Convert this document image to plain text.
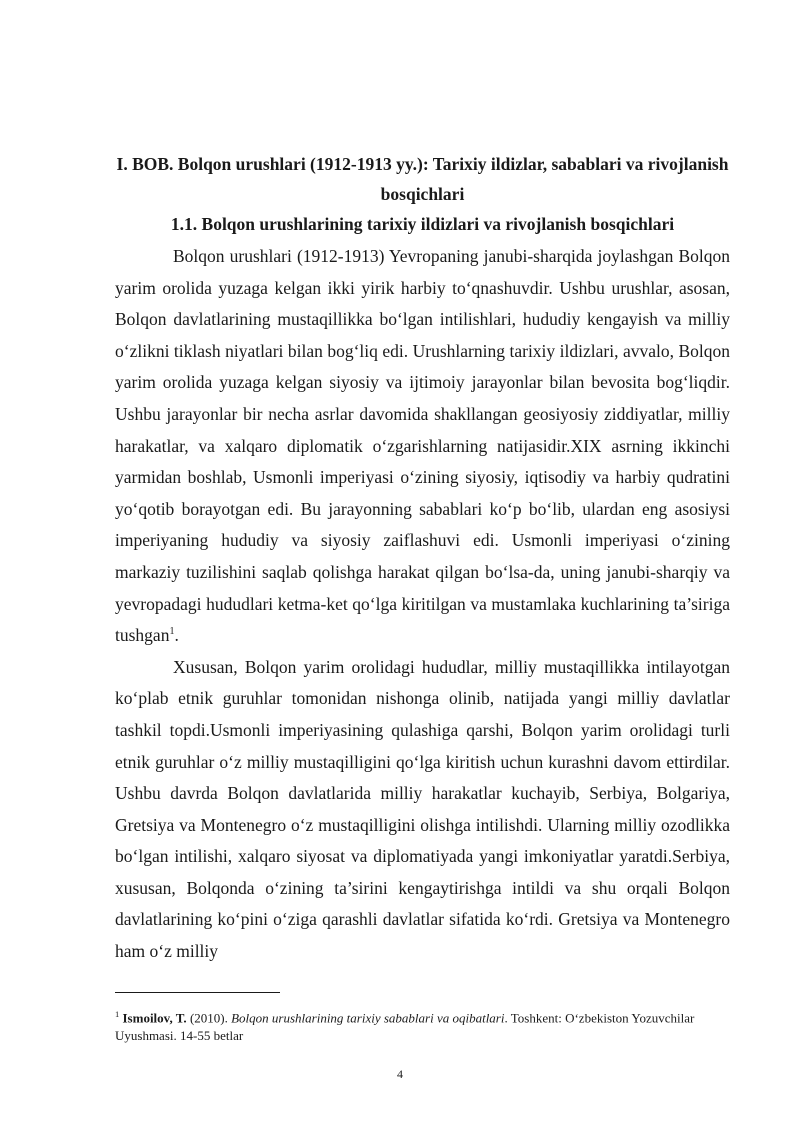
I. BOB. Bolqon urushlari (1912-1913 yy.): Tarixiy ildizlar, sabablari va rivojlanish bosqichlari

1.1. Bolqon urushlarining tarixiy ildizlari va rivojlanish bosqichlari

Bolqon urushlari (1912-1913) Yevropaning janubi-sharqida joylashgan Bolqon yarim orolida yuzaga kelgan ikki yirik harbiy to‘qnashuvdir. Ushbu urushlar, asosan, Bolqon davlatlarining mustaqillikka bo‘lgan intilishlari, hududiy kengayish va milliy o‘zlikni tiklash niyatlari bilan bog‘liq edi. Urushlarning tarixiy ildizlari, avvalo, Bolqon yarim orolida yuzaga kelgan siyosiy va ijtimoiy jarayonlar bilan bevosita bog‘liqdir. Ushbu jarayonlar bir necha asrlar davomida shakllangan geosiyosiy ziddiyatlar, milliy harakatlar, va xalqaro diplomatik o‘zgarishlarning natijasidir.XIX asrning ikkinchi yarmidan boshlab, Usmonli imperiyasi o‘zining siyosiy, iqtisodiy va harbiy qudratini yo‘qotib borayotgan edi. Bu jarayonning sabablari ko‘p bo‘lib, ulardan eng asosiysi imperiyaning hududiy va siyosiy zaiflashuvi edi. Usmonli imperiyasi o‘zining markaziy tuzilishini saqlab qolishga harakat qilgan bo‘lsa-da, uning janubi-sharqiy va yevropadagi hududlari ketma-ket qo‘lga kiritilgan va mustamlaka kuchlarining ta’siriga tushgan$^1$.

Xususan, Bolqon yarim orolidagi hududlar, milliy mustaqillikka intilayotgan ko‘plab etnik guruhlar tomonidan nishonga olinib, natijada yangi milliy davlatlar tashkil topdi.Usmonli imperiyasining qulashiga qarshi, Bolqon yarim orolidagi turli etnik guruhlar o‘z milliy mustaqilligini qo‘lga kiritish uchun kurashni davom ettirdilar. Ushbu davrda Bolqon davlatlarida milliy harakatlar kuchayib, Serbiya, Bolgariya, Gretsiya va Montenegro o‘z mustaqilligini olishga intilishdi. Ularning milliy ozodlikka bo‘lgan intilishi, xalqaro siyosat va diplomatiyada yangi imkoniyatlar yaratdi.Serbiya, xususan, Bolqonda o‘zining ta’sirini kengaytirishga intildi va shu orqali Bolqon davlatlarining ko‘pini o‘ziga qarashli davlatlar sifatida ko‘rdi. Gretsiya va Montenegro ham o‘z milliy

$^1$ Ismoilov, T. (2010). Bolqon urushlarining tarixiy sabablari va oqibatlari. Toshkent: O‘zbekiston Yozuvchilar Uyushmasi. 14-55 betlar
4
